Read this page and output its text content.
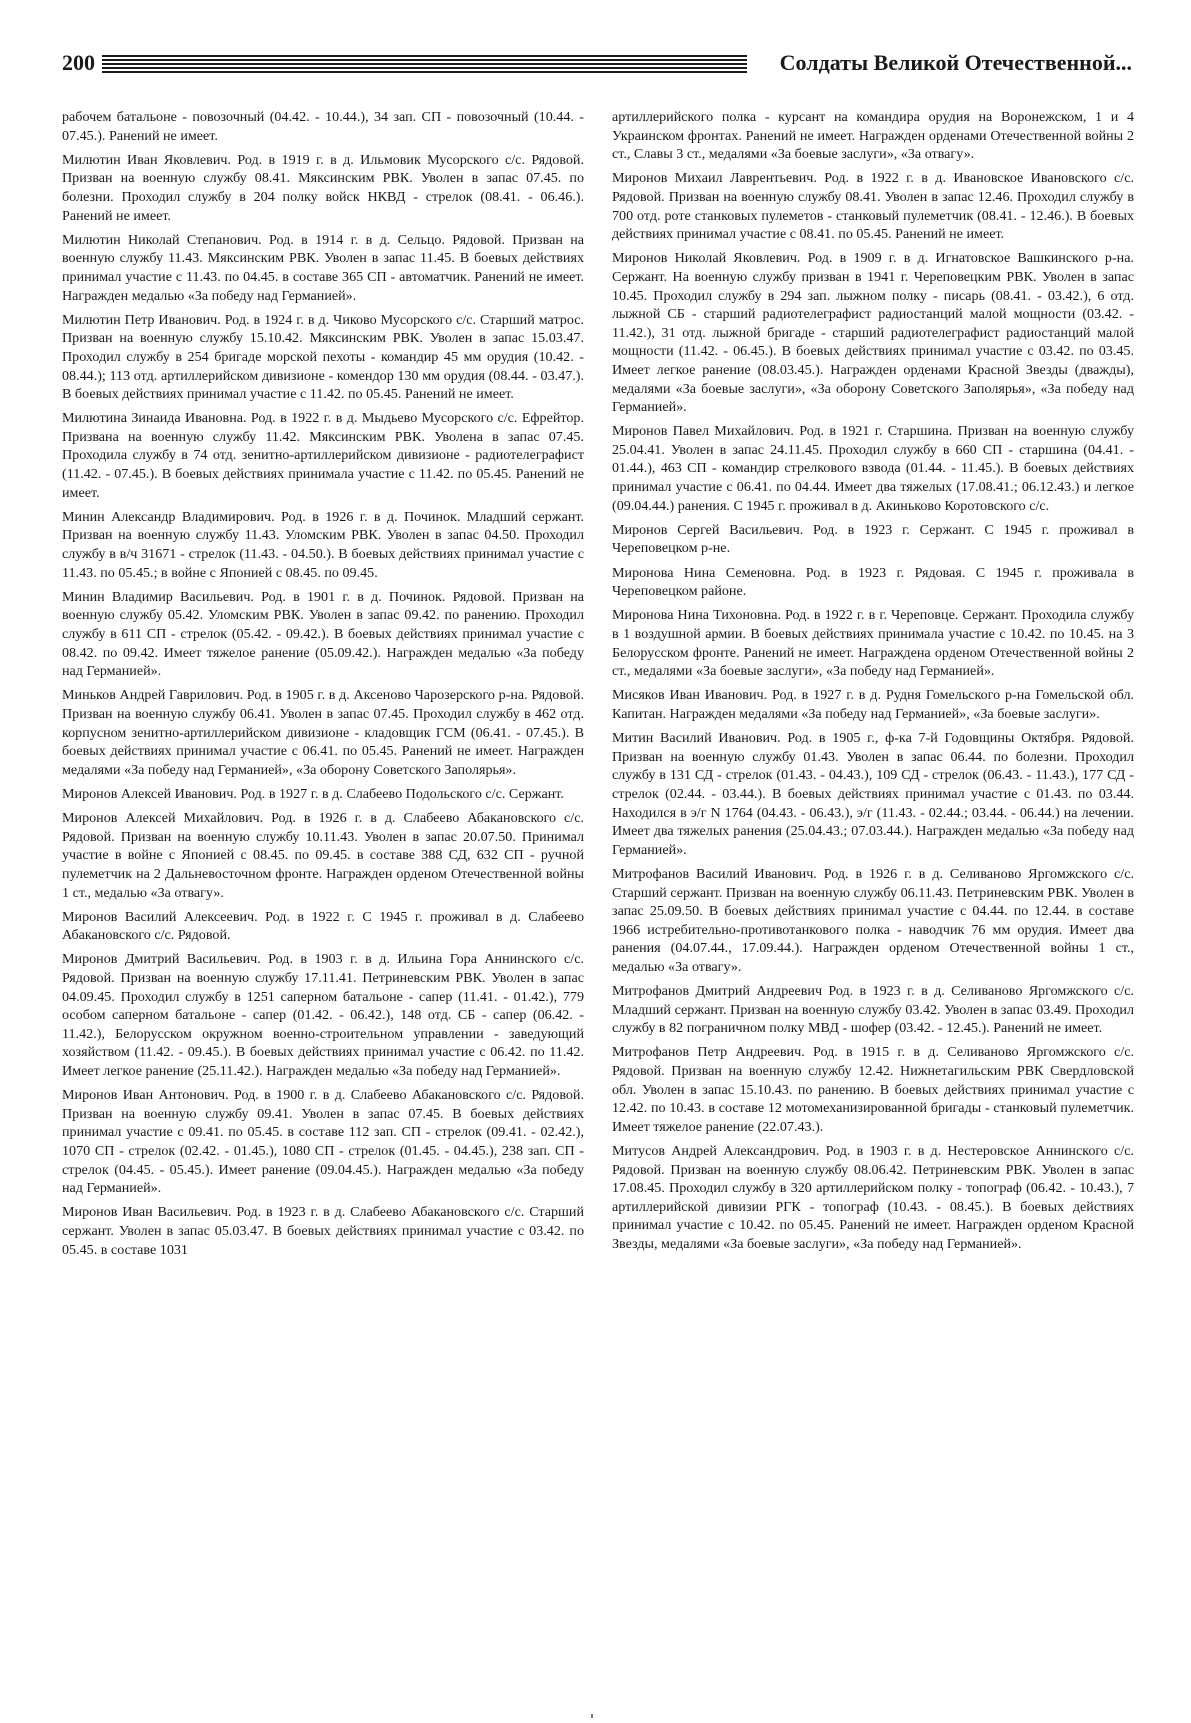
200	Солдаты Великой Отечественной...

рабочем батальоне - повозочный (04.42. - 10.44.), 34 зап. СП - повозочный (10.44. - 07.45.). Ранений не имеет.

Милютин Иван Яковлевич. Род. в 1919 г. в д. Ильмовик Мусорского с/с. Рядовой. Призван на военную службу 08.41. Мяксинским РВК. Уволен в запас 07.45. по болезни. Проходил службу в 204 полку войск НКВД - стрелок (08.41. - 06.46.). Ранений не имеет.

Милютин Николай Степанович. Род. в 1914 г. в д. Сельцо. Рядовой. Призван на военную службу 11.43. Мяксинским РВК. Уволен в запас 11.45. В боевых действиях принимал участие с 11.43. по 04.45. в составе 365 СП - автоматчик. Ранений не имеет. Награжден медалью «За победу над Германией».

Милютин Петр Иванович. Род. в 1924 г. в д. Чиково Мусорского с/с. Старший матрос. Призван на военную службу 15.10.42. Мяксинским РВК. Уволен в запас 15.03.47. Проходил службу в 254 бригаде морской пехоты - командир 45 мм орудия (10.42. - 08.44.); 113 отд. артиллерийском дивизионе - комендор 130 мм орудия (08.44. - 03.47.). В боевых действиях принимал участие с 11.42. по 05.45. Ранений не имеет.

Милютина Зинаида Ивановна. Род. в 1922 г. в д. Мыдьево Мусорского с/с. Ефрейтор. Призвана на военную службу 11.42. Мяксинским РВК. Уволена в запас 07.45. Проходила службу в 74 отд. зенитно-артиллерийском дивизионе - радиотелеграфист (11.42. - 07.45.). В боевых действиях принимала участие с 11.42. по 05.45. Ранений не имеет.

Минин Александр Владимирович. Род. в 1926 г. в д. Починок. Младший сержант. Призван на военную службу 11.43. Уломским РВК. Уволен в запас 04.50. Проходил службу в в/ч 31671 - стрелок (11.43. - 04.50.). В боевых действиях принимал участие с 11.43. по 05.45.; в войне с Японией с 08.45. по 09.45.

Минин Владимир Васильевич. Род. в 1901 г. в д. Починок. Рядовой. Призван на военную службу 05.42. Уломским РВК. Уволен в запас 09.42. по ранению. Проходил службу в 611 СП - стрелок (05.42. - 09.42.). В боевых действиях принимал участие с 08.42. по 09.42. Имеет тяжелое ранение (05.09.42.). Награжден медалью «За победу над Германией».

Миньков Андрей Гаврилович. Род. в 1905 г. в д. Аксеново Чарозерского р-на. Рядовой. Призван на военную службу 06.41. Уволен в запас 07.45. Проходил службу в 462 отд. корпусном зенитно-артиллерийском дивизионе - кладовщик ГСМ (06.41. - 07.45.). В боевых действиях принимал участие с 06.41. по 05.45. Ранений не имеет. Награжден медалями «За победу над Германией», «За оборону Советского Заполярья».

Миронов Алексей Иванович. Род. в 1927 г. в д. Слабеево Подольского с/с. Сержант.

Миронов Алексей Михайлович. Род. в 1926 г. в д. Слабеево Абакановского с/с. Рядовой. Призван на военную службу 10.11.43. Уволен в запас 20.07.50. Принимал участие в войне с Японией с 08.45. по 09.45. в составе 388 СД, 632 СП - ручной пулеметчик на 2 Дальневосточном фронте. Награжден орденом Отечественной войны 1 ст., медалью «За отвагу».

Миронов Василий Алексеевич. Род. в 1922 г. С 1945 г. проживал в д. Слабеево Абакановского с/с. Рядовой.

Миронов Дмитрий Васильевич. Род. в 1903 г. в д. Ильина Гора Аннинского с/с. Рядовой. Призван на военную службу 17.11.41. Петриневским РВК. Уволен в запас 04.09.45. Проходил службу в 1251 саперном батальоне - сапер (11.41. - 01.42.), 779 особом саперном батальоне - сапер (01.42. - 06.42.), 148 отд. СБ - сапер (06.42. - 11.42.), Белорусском окружном военно-строительном управлении - заведующий хозяйством (11.42. - 09.45.). В боевых действиях принимал участие с 06.42. по 11.42. Имеет легкое ранение (25.11.42.). Награжден медалью «За победу над Германией».

Миронов Иван Антонович. Род. в 1900 г. в д. Слабеево Абакановского с/с. Рядовой. Призван на военную службу 09.41. Уволен в запас 07.45. В боевых действиях принимал участие с 09.41. по 05.45. в составе 112 зап. СП - стрелок (09.41. - 02.42.), 1070 СП - стрелок (02.42. - 01.45.), 1080 СП - стрелок (01.45. - 04.45.), 238 зап. СП - стрелок (04.45. - 05.45.). Имеет ранение (09.04.45.). Награжден медалью «За победу над Германией».

Миронов Иван Васильевич. Род. в 1923 г. в д. Слабеево Абакановского с/с. Старший сержант. Уволен в запас 05.03.47. В боевых действиях принимал участие с 03.42. по 05.45. в составе 1031

артиллерийского полка - курсант на командира орудия на Воронежском, 1 и 4 Украинском фронтах. Ранений не имеет. Награжден орденами Отечественной войны 2 ст., Славы 3 ст., медалями «За боевые заслуги», «За отвагу».

Миронов Михаил Лаврентьевич. Род. в 1922 г. в д. Ивановское Ивановского с/с. Рядовой. Призван на военную службу 08.41. Уволен в запас 12.46. Проходил службу в 700 отд. роте станковых пулеметов - станковый пулеметчик (08.41. - 12.46.). В боевых действиях принимал участие с 08.41. по 05.45. Ранений не имеет.

Миронов Николай Яковлевич. Род. в 1909 г. в д. Игнатовское Вашкинского р-на. Сержант. На военную службу призван в 1941 г. Череповецким РВК. Уволен в запас 10.45. Проходил службу в 294 зап. лыжном полку - писарь (08.41. - 03.42.), 6 отд. лыжной СБ - старший радиотелеграфист радиостанций малой мощности (03.42. - 11.42.), 31 отд. лыжной бригаде - старший радиотелеграфист радиостанций малой мощности (11.42. - 06.45.). В боевых действиях принимал участие с 03.42. по 03.45. Имеет легкое ранение (08.03.45.). Награжден орденами Красной Звезды (дважды), медалями «За боевые заслуги», «За оборону Советского Заполярья», «За победу над Германией».

Миронов Павел Михайлович. Род. в 1921 г. Старшина. Призван на военную службу 25.04.41. Уволен в запас 24.11.45. Проходил службу в 660 СП - старшина (04.41. - 01.44.), 463 СП - командир стрелкового взвода (01.44. - 11.45.). В боевых действиях принимал участие с 06.41. по 04.44. Имеет два тяжелых (17.08.41.; 06.12.43.) и легкое (09.04.44.) ранения. С 1945 г. проживал в д. Акиньково Коротовского с/с.

Миронов Сергей Васильевич. Род. в 1923 г. Сержант. С 1945 г. проживал в Череповецком р-не.

Миронова Нина Семеновна. Род. в 1923 г. Рядовая. С 1945 г. проживала в Череповецком районе.

Миронова Нина Тихоновна. Род. в 1922 г. в г. Череповце. Сержант. Проходила службу в 1 воздушной армии. В боевых действиях принимала участие с 10.42. по 10.45. на 3 Белорусском фронте. Ранений не имеет. Награждена орденом Отечественной войны 2 ст., медалями «За боевые заслуги», «За победу над Германией».

Мисяков Иван Иванович. Род. в 1927 г. в д. Рудня Гомельского р-на Гомельской обл. Капитан. Награжден медалями «За победу над Германией», «За боевые заслуги».

Митин Василий Иванович. Род. в 1905 г., ф-ка 7-й Годовщины Октября. Рядовой. Призван на военную службу 01.43. Уволен в запас 06.44. по болезни. Проходил службу в 131 СД - стрелок (01.43. - 04.43.), 109 СД - стрелок (06.43. - 11.43.), 177 СД - стрелок (02.44. - 03.44.). В боевых действиях принимал участие с 01.43. по 03.44. Находился в э/г N 1764 (04.43. - 06.43.), э/г (11.43. - 02.44.; 03.44. - 06.44.) на лечении. Имеет два тяжелых ранения (25.04.43.; 07.03.44.). Награжден медалью «За победу над Германией».

Митрофанов Василий Иванович. Род. в 1926 г. в д. Селиваново Яргомжского с/с. Старший сержант. Призван на военную службу 06.11.43. Петриневским РВК. Уволен в запас 25.09.50. В боевых действиях принимал участие с 04.44. по 12.44. в составе 1966 истребительно-противотанкового полка - наводчик 76 мм орудия. Имеет два ранения (04.07.44., 17.09.44.). Награжден орденом Отечественной войны 1 ст., медалью «За отвагу».

Митрофанов Дмитрий Андреевич Род. в 1923 г. в д. Селиваново Яргомжского с/с. Младший сержант. Призван на военную службу 03.42. Уволен в запас 03.49. Проходил службу в 82 пограничном полку МВД - шофер (03.42. - 12.45.). Ранений не имеет.

Митрофанов Петр Андреевич. Род. в 1915 г. в д. Селиваново Яргомжского с/с. Рядовой. Призван на военную службу 12.42. Нижнетагильским РВК Свердловской обл. Уволен в запас 15.10.43. по ранению. В боевых действиях принимал участие с 12.42. по 10.43. в составе 12 мотомеханизированной бригады - станковый пулеметчик. Имеет тяжелое ранение (22.07.43.).

Митусов Андрей Александрович. Род. в 1903 г. в д. Нестеровское Аннинского с/с. Рядовой. Призван на военную службу 08.06.42. Петриневским РВК. Уволен в запас 17.08.45. Проходил службу в 320 артиллерийском полку - топограф (06.42. - 10.43.), 7 артиллерийской дивизии РГК - топограф (10.43. - 08.45.). В боевых действиях принимал участие с 10.42. по 05.45. Ранений не имеет. Награжден орденом Красной Звезды, медалями «За боевые заслуги», «За победу над Германией».
